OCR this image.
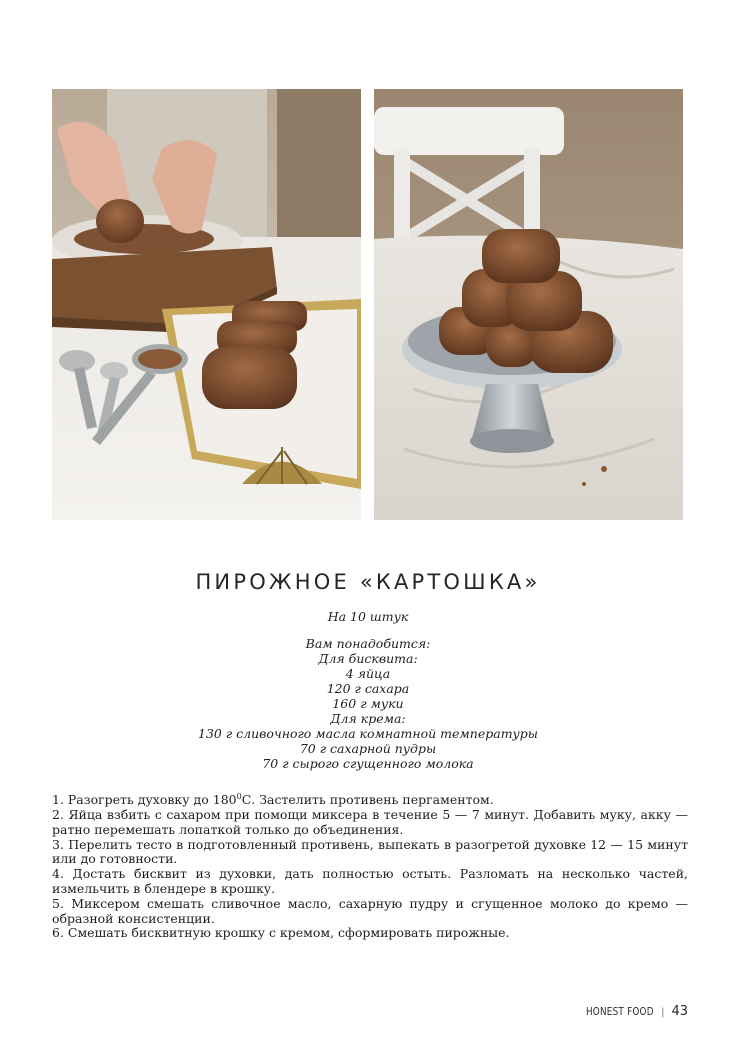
ПИРОЖНОЕ «КАРТОШКА»
На 10 штук
Вам понадобится:
Для бисквита:
4 яйца
120 г сахара
160 г муки
Для крема:
130 г сливочного масла комнатной температуры
70 г сахарной пудры
70 г сырого сгущенного молока

1. Разогреть духовку до $180^0С$. Застелить противень пергаментом.

2. Яйца взбить с сахаром при помощи миксера в течение 5 — 7 минут. Добавить муку, акку — ратно перемешать лопаткой только до объединения.

3. Перелить тесто в подготовленный противень, выпекать в разогретой духовке 12 — 15 минут или до готовности.

4. Достать бисквит из духовки, дать полностью остыть. Разломать на несколько частей, измельчить в блендере в крошку.

5. Миксером смешать сливочное масло, сахарную пудру и сгущенное молоко до кремо — образной консистенции.

6. Смешать бисквитную крошку с кремом, сформировать пирожные.

HONEST FOOD | 43
